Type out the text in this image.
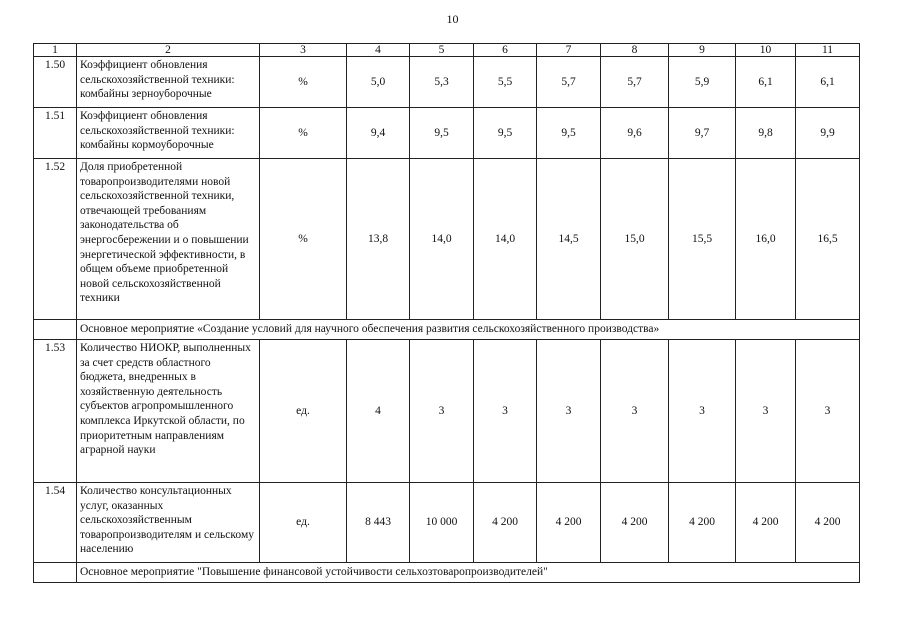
10
1	2	3	4	5	6	7	8	9	10	11
1.50	Коэффициент обновления сельскохозяйственной техники: комбайны зерноуборочные	%	5,0	5,3	5,5	5,7	5,7	5,9	6,1	6,1
1.51	Коэффициент обновления сельскохозяйственной техники: комбайны кормоуборочные	%	9,4	9,5	9,5	9,5	9,6	9,7	9,8	9,9
1.52	Доля приобретенной товаропроизводителями новой сельскохозяйственной техники, отвечающей требованиям законодательства об энергосбережении и о повышении энергетической эффективности, в общем объеме приобретенной новой сельскохозяйственной техники	%	13,8	14,0	14,0	14,5	15,0	15,5	16,0	16,5
	Основное мероприятие «Создание условий для научного обеспечения развития сельскохозяйственного производства»									
1.53	Количество НИОКР, выполненных за счет средств областного бюджета, внедренных в хозяйственную деятельность субъектов агропромышленного комплекса Иркутской области, по приоритетным направлениям аграрной науки	ед.	4	3	3	3	3	3	3	3
1.54	Количество консультационных услуг, оказанных сельскохозяйственным товаропроизводителям и сельскому населению	ед.	8 443	10 000	4 200	4 200	4 200	4 200	4 200	4 200
	Основное мероприятие "Повышение финансовой устойчивости сельхозтоваропроизводителей"									
